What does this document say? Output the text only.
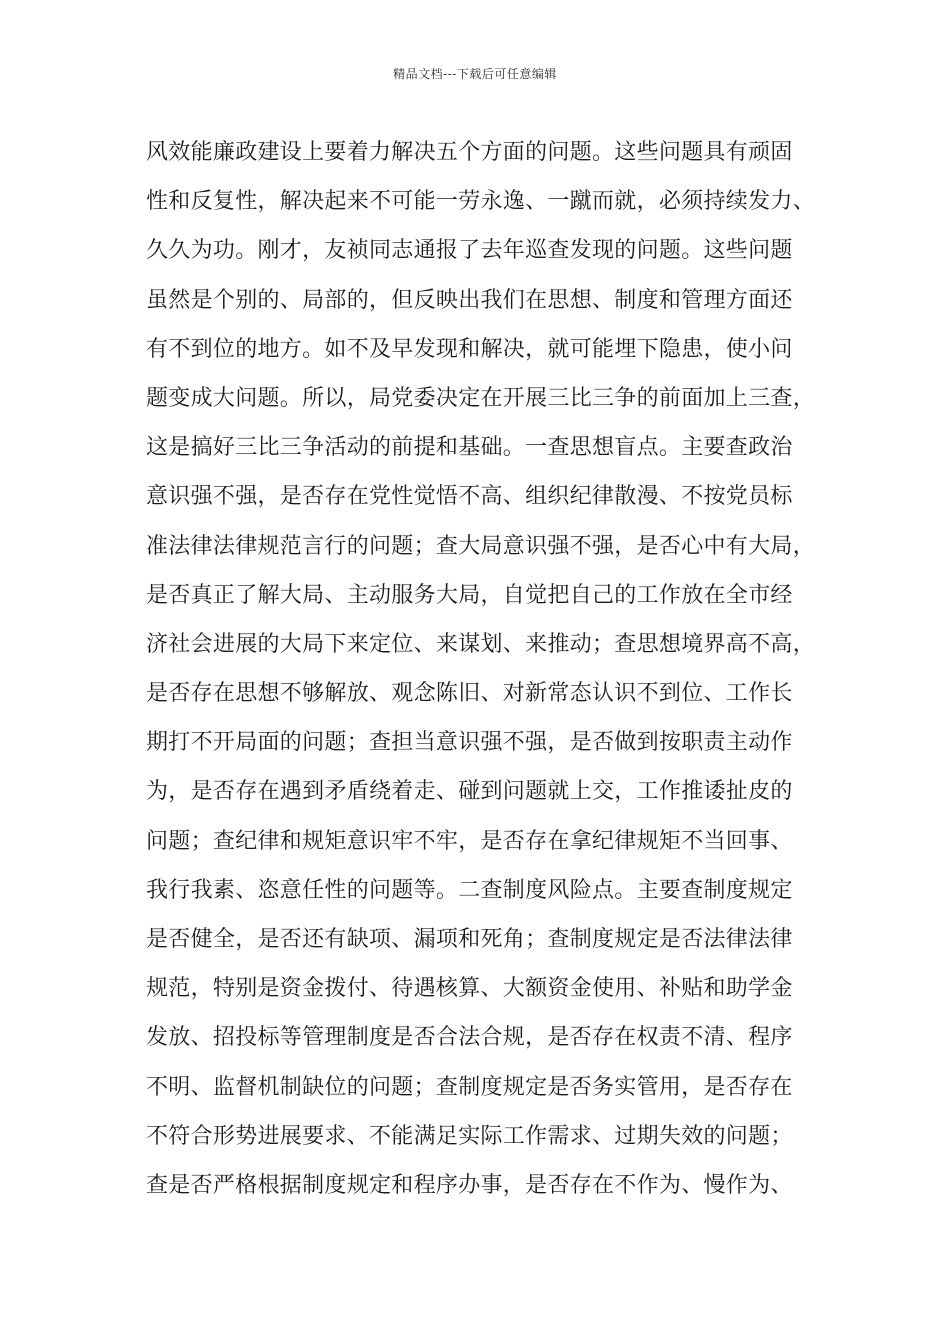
精品文档---下载后可任意编辑
风效能廉政建设上要着力解决五个方面的问题。这些问题具有顽固
性和反复性，解决起来不可能一劳永逸、一蹴而就，必须持续发力、
久久为功。刚才，友祯同志通报了去年巡查发现的问题。这些问题
虽然是个别的、局部的，但反映出我们在思想、制度和管理方面还
有不到位的地方。如不及早发现和解决，就可能埋下隐患，使小问
题变成大问题。所以，局党委决定在开展三比三争的前面加上三查，
这是搞好三比三争活动的前提和基础。一查思想盲点。主要查政治
意识强不强，是否存在党性觉悟不高、组织纪律散漫、不按党员标
准法律法律规范言行的问题；查大局意识强不强，是否心中有大局，
是否真正了解大局、主动服务大局，自觉把自己的工作放在全市经
济社会进展的大局下来定位、来谋划、来推动；查思想境界高不高，
是否存在思想不够解放、观念陈旧、对新常态认识不到位、工作长
期打不开局面的问题；查担当意识强不强，是否做到按职责主动作
为，是否存在遇到矛盾绕着走、碰到问题就上交，工作推诿扯皮的
问题；查纪律和规矩意识牢不牢，是否存在拿纪律规矩不当回事、
我行我素、恣意任性的问题等。二查制度风险点。主要查制度规定
是否健全，是否还有缺项、漏项和死角；查制度规定是否法律法律
规范，特别是资金拨付、待遇核算、大额资金使用、补贴和助学金
发放、招投标等管理制度是否合法合规，是否存在权责不清、程序
不明、监督机制缺位的问题；查制度规定是否务实管用，是否存在
不符合形势进展要求、不能满足实际工作需求、过期失效的问题；
查是否严格根据制度规定和程序办事，是否存在不作为、慢作为、
